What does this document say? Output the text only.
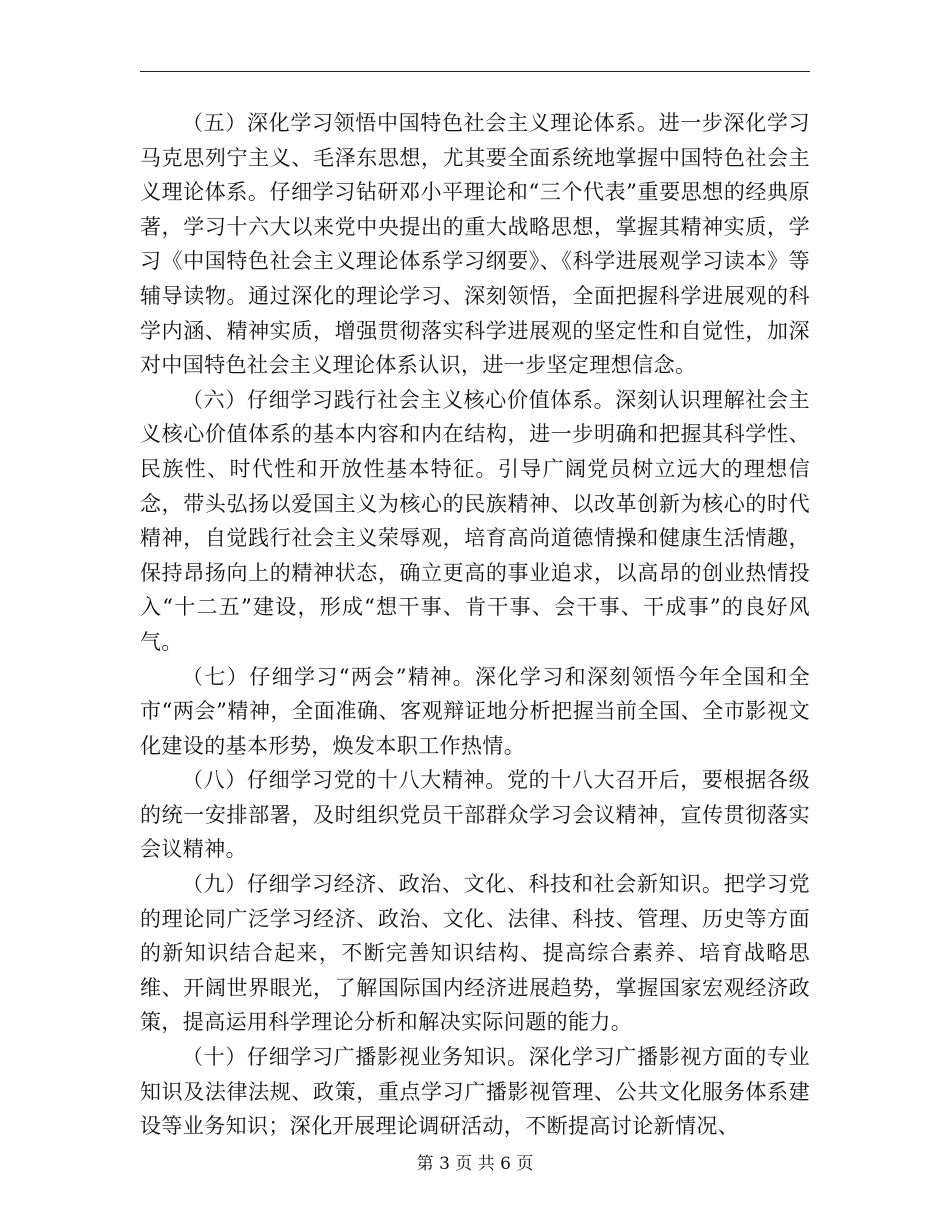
（五）深化学习领悟中国特色社会主义理论体系。进一步深化学习马克思列宁主义、毛泽东思想，尤其要全面系统地掌握中国特色社会主义理论体系。仔细学习钻研邓小平理论和“三个代表”重要思想的经典原著，学习十六大以来党中央提出的重大战略思想，掌握其精神实质，学习《中国特色社会主义理论体系学习纲要》、《科学进展观学习读本》等辅导读物。通过深化的理论学习、深刻领悟，全面把握科学进展观的科学内涵、精神实质，增强贯彻落实科学进展观的坚定性和自觉性，加深对中国特色社会主义理论体系认识，进一步坚定理想信念。

（六）仔细学习践行社会主义核心价值体系。深刻认识理解社会主义核心价值体系的基本内容和内在结构，进一步明确和把握其科学性、民族性、时代性和开放性基本特征。引导广阔党员树立远大的理想信念，带头弘扬以爱国主义为核心的民族精神、以改革创新为核心的时代精神，自觉践行社会主义荣辱观，培育高尚道德情操和健康生活情趣，保持昂扬向上的精神状态，确立更高的事业追求，以高昂的创业热情投入“十二五”建设，形成“想干事、肯干事、会干事、干成事”的良好风气。

（七）仔细学习“两会”精神。深化学习和深刻领悟今年全国和全市“两会”精神，全面准确、客观辩证地分析把握当前全国、全市影视文化建设的基本形势，焕发本职工作热情。

（八）仔细学习党的十八大精神。党的十八大召开后，要根据各级的统一安排部署，及时组织党员干部群众学习会议精神，宣传贯彻落实会议精神。

（九）仔细学习经济、政治、文化、科技和社会新知识。把学习党的理论同广泛学习经济、政治、文化、法律、科技、管理、历史等方面的新知识结合起来，不断完善知识结构、提高综合素养、培育战略思维、开阔世界眼光，了解国际国内经济进展趋势，掌握国家宏观经济政策，提高运用科学理论分析和解决实际问题的能力。

（十）仔细学习广播影视业务知识。深化学习广播影视方面的专业知识及法律法规、政策，重点学习广播影视管理、公共文化服务体系建设等业务知识；深化开展理论调研活动，不断提高讨论新情况、

第 3 页 共 6 页
